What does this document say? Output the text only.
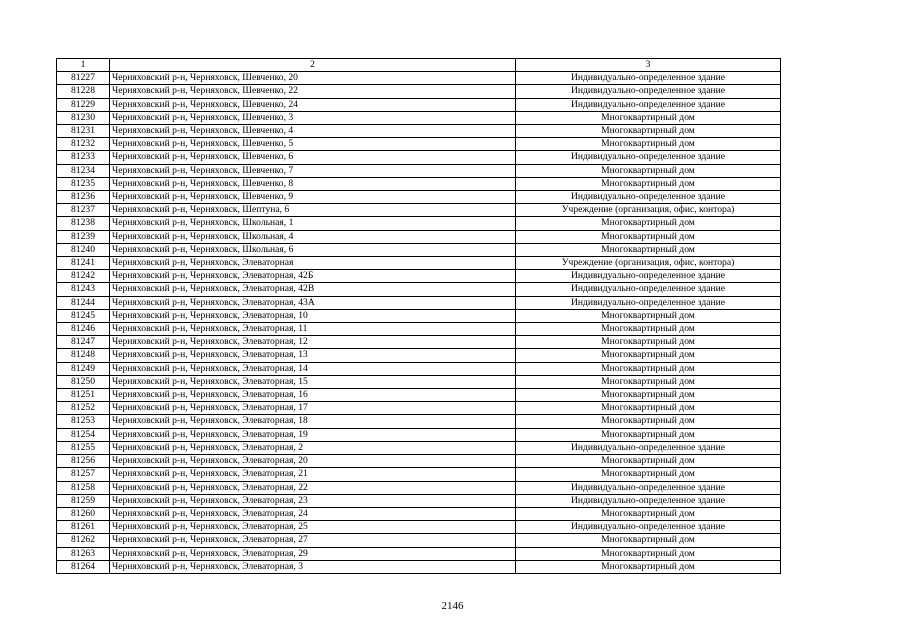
1	2	3
81227	Черняховский р-н, Черняховск, Шевченко, 20	Индивидуально-определенное здание
81228	Черняховский р-н, Черняховск, Шевченко, 22	Индивидуально-определенное здание
81229	Черняховский р-н, Черняховск, Шевченко, 24	Индивидуально-определенное здание
81230	Черняховский р-н, Черняховск, Шевченко, 3	Многоквартирный дом
81231	Черняховский р-н, Черняховск, Шевченко, 4	Многоквартирный дом
81232	Черняховский р-н, Черняховск, Шевченко, 5	Многоквартирный дом
81233	Черняховский р-н, Черняховск, Шевченко, 6	Индивидуально-определенное здание
81234	Черняховский р-н, Черняховск, Шевченко, 7	Многоквартирный дом
81235	Черняховский р-н, Черняховск, Шевченко, 8	Многоквартирный дом
81236	Черняховский р-н, Черняховск, Шевченко, 9	Индивидуально-определенное здание
81237	Черняховский р-н, Черняховск, Шептуна, 6	Учреждение (организация, офис, контора)
81238	Черняховский р-н, Черняховск, Школьная, 1	Многоквартирный дом
81239	Черняховский р-н, Черняховск, Школьная, 4	Многоквартирный дом
81240	Черняховский р-н, Черняховск, Школьная, 6	Многоквартирный дом
81241	Черняховский р-н, Черняховск, Элеваторная	Учреждение (организация, офис, контора)
81242	Черняховский р-н, Черняховск, Элеваторная, 42Б	Индивидуально-определенное здание
81243	Черняховский р-н, Черняховск, Элеваторная, 42В	Индивидуально-определенное здание
81244	Черняховский р-н, Черняховск, Элеваторная, 43А	Индивидуально-определенное здание
81245	Черняховский р-н, Черняховск, Элеваторная, 10	Многоквартирный дом
81246	Черняховский р-н, Черняховск, Элеваторная, 11	Многоквартирный дом
81247	Черняховский р-н, Черняховск, Элеваторная, 12	Многоквартирный дом
81248	Черняховский р-н, Черняховск, Элеваторная, 13	Многоквартирный дом
81249	Черняховский р-н, Черняховск, Элеваторная, 14	Многоквартирный дом
81250	Черняховский р-н, Черняховск, Элеваторная, 15	Многоквартирный дом
81251	Черняховский р-н, Черняховск, Элеваторная, 16	Многоквартирный дом
81252	Черняховский р-н, Черняховск, Элеваторная, 17	Многоквартирный дом
81253	Черняховский р-н, Черняховск, Элеваторная, 18	Многоквартирный дом
81254	Черняховский р-н, Черняховск, Элеваторная, 19	Многоквартирный дом
81255	Черняховский р-н, Черняховск, Элеваторная, 2	Индивидуально-определенное здание
81256	Черняховский р-н, Черняховск, Элеваторная, 20	Многоквартирный дом
81257	Черняховский р-н, Черняховск, Элеваторная, 21	Многоквартирный дом
81258	Черняховский р-н, Черняховск, Элеваторная, 22	Индивидуально-определенное здание
81259	Черняховский р-н, Черняховск, Элеваторная, 23	Индивидуально-определенное здание
81260	Черняховский р-н, Черняховск, Элеваторная, 24	Многоквартирный дом
81261	Черняховский р-н, Черняховск, Элеваторная, 25	Индивидуально-определенное здание
81262	Черняховский р-н, Черняховск, Элеваторная, 27	Многоквартирный дом
81263	Черняховский р-н, Черняховск, Элеваторная, 29	Многоквартирный дом
81264	Черняховский р-н, Черняховск, Элеваторная, 3	Многоквартирный дом
2146
